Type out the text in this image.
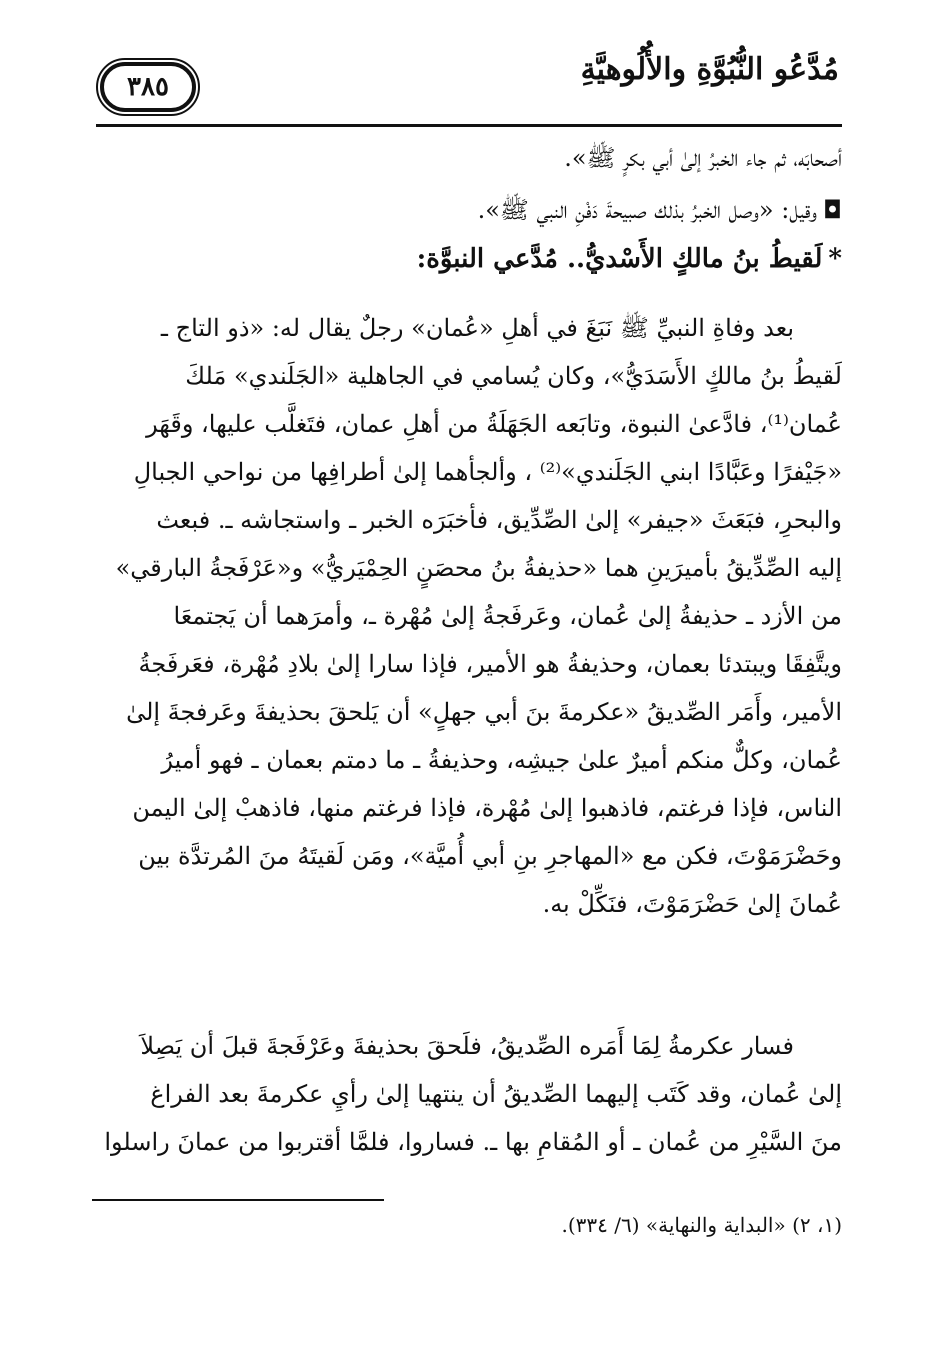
مُدَّعُو النُّبُوَّةِ والأُلُوهيَّةِ
٣٨٥
أصحابَه، ثم جاء الخبرُ إلىٰ أبي بكرٍ ﷺ».
◘وقيل: «وصل الخبرُ بذلك صبيحةَ دَفْنِ النبي ﷺ».
*لَقيطُ بنُ مالكٍ الأَسْديُّ.. مُدَّعي النبوَّة:
بعد وفاةِ النبيِّ ﷺ نَبَغَ في أهلِ «عُمان» رجلٌ يقال له: «ذو التاج ـ
لَقيطُ بنُ مالكٍ الأَسَدَيُّ»، وكان يُسامي في الجاهلية «الجَلَندي» مَلكَ
عُمان⁽¹⁾، فادَّعىٰ النبوة، وتابَعه الجَهَلَةُ من أهلِ عمان، فتَغلَّب عليها، وقَهَر
«جَيْفرًا وعَبَّادًا ابني الجَلَندي»⁽²⁾ ، وألجأهما إلىٰ أطرافِها من نواحي الجبالِ
والبحرِ، فبَعَثَ «جيفر» إلىٰ الصِّدِّيق، فأخبَرَه الخبر ـ واستجاشه ـ. فبعث
إليه الصِّدِّيقُ بأميرَينِ هما «حذيفةُ بنُ محصَنٍ الحِمْيَريُّ» و«عَرْفَجةُ البارقي»
من الأزد ـ حذيفةُ إلىٰ عُمان، وعَرفَجةُ إلىٰ مُهْرة ـ، وأمرَهما أن يَجتمعَا
ويتَّفِقَا ويبتدئا بعمان، وحذيفةُ هو الأمير، فإذا سارا إلىٰ بلادِ مُهْرة، فعَرفَجةُ
الأمير، وأَمَر الصِّديقُ «عكرمةَ بنَ أبي جهلٍ» أن يَلحقَ بحذيفةَ وعَرفجةَ إلىٰ
عُمان، وكلٌّ منكم أميرٌ علىٰ جيشِه، وحذيفةُ ـ ما دمتم بعمان ـ فهو أميرُ
الناس، فإذا فرغتم، فاذهبوا إلىٰ مُهْرة، فإذا فرغتم منها، فاذهبْ إلىٰ اليمن
وحَضْرَمَوْتَ، فكن مع «المهاجرِ بنِ أبي أُميَّة»، ومَن لَقيتَهُ منَ المُرتدَّة بين
عُمانَ إلىٰ حَضْرَمَوْتَ، فنَكِّلْ به.
فسار عكرمةُ لِمَا أَمَره الصِّديقُ، فلَحقَ بحذيفةَ وعَرْفَجةَ قبلَ أن يَصِلاَ
إلىٰ عُمان، وقد كَتَب إليهما الصِّديقُ أن ينتهيا إلىٰ رأيِ عكرمةَ بعد الفراغ
منَ السَّيْرِ من عُمان ـ أو المُقامِ بها ـ. فساروا، فلمَّا أقتربوا من عمانَ راسلوا
(١، ٢) «البداية والنهاية» (٦/ ٣٣٤).
